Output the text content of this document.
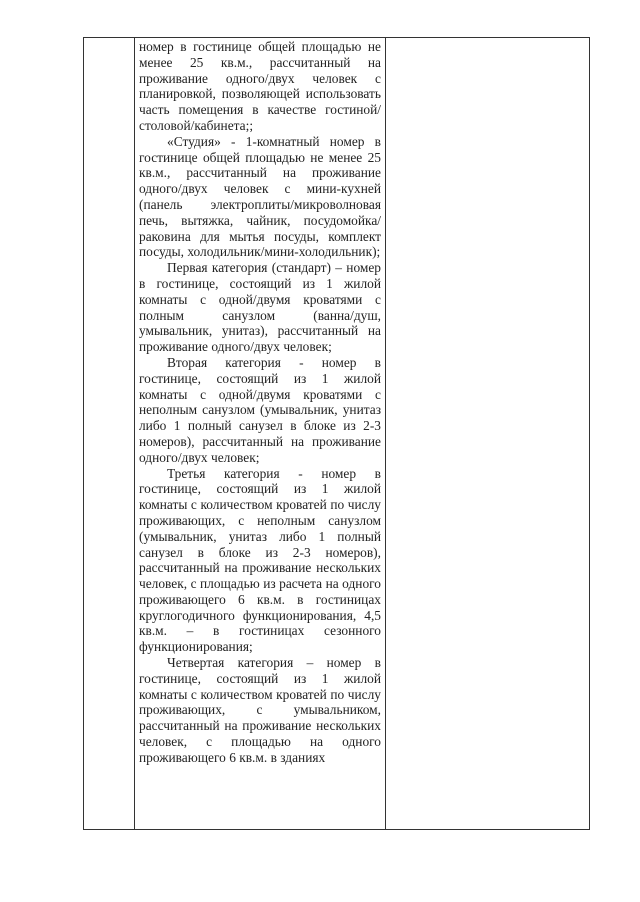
номер в гостинице общей площадью не менее 25 кв.м., рассчитанный на проживание одного/двух человек с планировкой, позволяющей использовать часть помещения в качестве гостиной/столовой/кабинета;;

«Студия» - 1-комнатный номер в гостинице общей площадью не менее 25 кв.м., рассчитанный на проживание одного/двух человек с мини-кухней (панель электроплиты/микроволновая печь, вытяжка, чайник, посудомойка/раковина для мытья посуды, комплект посуды, холодильник/мини-холодильник);

Первая категория (стандарт) – номер в гостинице, состоящий из 1 жилой комнаты с одной/двумя кроватями с полным санузлом (ванна/душ, умывальник, унитаз), рассчитанный на проживание одного/двух человек;

Вторая категория - номер в гостинице, состоящий из 1 жилой комнаты с одной/двумя кроватями с неполным санузлом (умывальник, унитаз либо 1 полный санузел в блоке из 2-3 номеров), рассчитанный на проживание одного/двух человек;

Третья категория - номер в гостинице, состоящий из 1 жилой комнаты с количеством кроватей по числу проживающих, с неполным санузлом (умывальник, унитаз либо 1 полный санузел в блоке из 2-3 номеров), рассчитанный на проживание нескольких человек, с площадью из расчета на одного проживающего 6 кв.м. в гостиницах круглогодичного функционирования, 4,5 кв.м. – в гостиницах сезонного функционирования;

Четвертая категория – номер в гостинице, состоящий из 1 жилой комнаты с количеством кроватей по числу проживающих, с умывальником, рассчитанный на проживание нескольких человек, с площадью на одного проживающего 6 кв.м. в зданиях
